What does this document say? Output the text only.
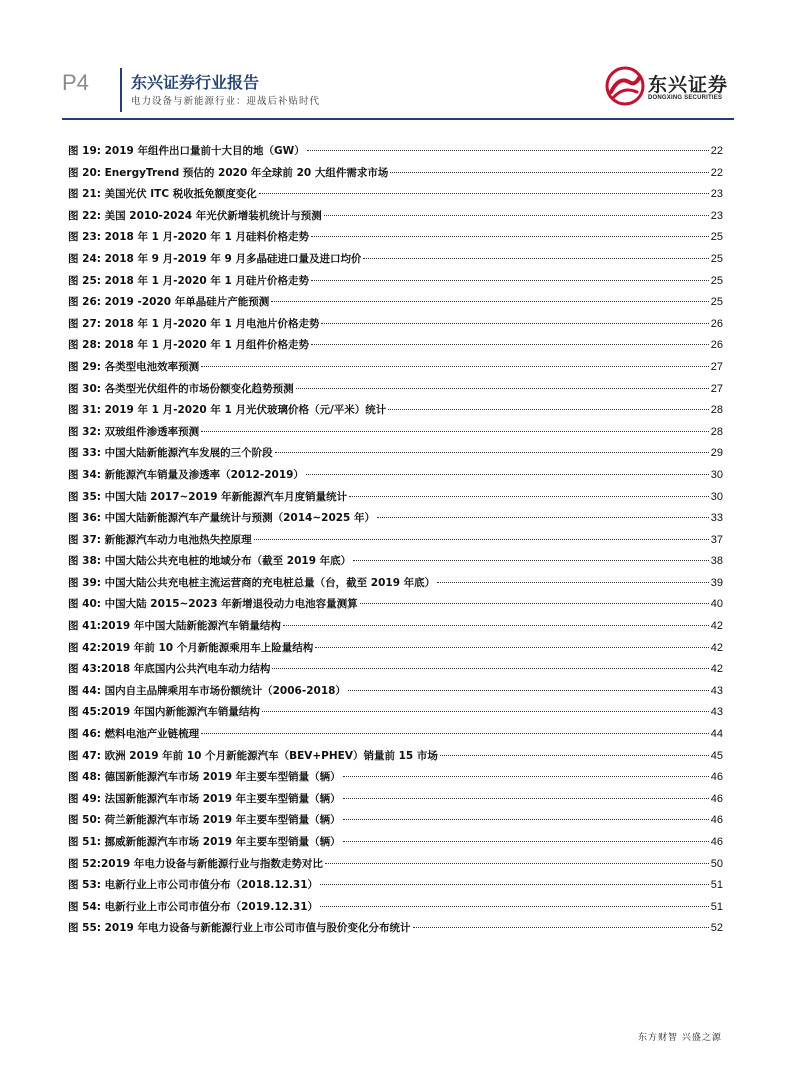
P4	东兴证券行业报告
电力设备与新能源行业：迎战后补贴时代
东兴证券
DONGXING SECURITIES
图 19: 2019 年组件出口量前十大目的地（GW）	22
图 20: EnergyTrend 预估的 2020 年全球前 20 大组件需求市场	22
图 21: 美国光伏 ITC 税收抵免额度变化	23
图 22: 美国 2010-2024 年光伏新增装机统计与预测	23
图 23: 2018 年 1 月-2020 年 1 月硅料价格走势	25
图 24: 2018 年 9 月-2019 年 9 月多晶硅进口量及进口均价	25
图 25: 2018 年 1 月-2020 年 1 月硅片价格走势	25
图 26: 2019 -2020 年单晶硅片产能预测	25
图 27: 2018 年 1 月-2020 年 1 月电池片价格走势	26
图 28: 2018 年 1 月-2020 年 1 月组件价格走势	26
图 29: 各类型电池效率预测	27
图 30: 各类型光伏组件的市场份额变化趋势预测	27
图 31: 2019 年 1 月-2020 年 1 月光伏玻璃价格（元/平米）统计	28
图 32: 双玻组件渗透率预测	28
图 33: 中国大陆新能源汽车发展的三个阶段	29
图 34: 新能源汽车销量及渗透率（2012-2019）	30
图 35: 中国大陆 2017~2019 年新能源汽车月度销量统计	30
图 36: 中国大陆新能源汽车产量统计与预测（2014~2025 年）	33
图 37: 新能源汽车动力电池热失控原理	37
图 38: 中国大陆公共充电桩的地域分布（截至 2019 年底）	38
图 39: 中国大陆公共充电桩主流运营商的充电桩总量（台，截至 2019 年底）	39
图 40: 中国大陆 2015~2023 年新增退役动力电池容量测算	40
图 41:2019 年中国大陆新能源汽车销量结构	42
图 42:2019 年前 10 个月新能源乘用车上险量结构	42
图 43:2018 年底国内公共汽电车动力结构	42
图 44: 国内自主品牌乘用车市场份额统计（2006-2018）	43
图 45:2019 年国内新能源汽车销量结构	43
图 46: 燃料电池产业链梳理	44
图 47: 欧洲 2019 年前 10 个月新能源汽车（BEV+PHEV）销量前 15 市场	45
图 48: 德国新能源汽车市场 2019 年主要车型销量（辆）	46
图 49: 法国新能源汽车市场 2019 年主要车型销量（辆）	46
图 50: 荷兰新能源汽车市场 2019 年主要车型销量（辆）	46
图 51: 挪威新能源汽车市场 2019 年主要车型销量（辆）	46
图 52:2019 年电力设备与新能源行业与指数走势对比	50
图 53: 电新行业上市公司市值分布（2018.12.31）	51
图 54: 电新行业上市公司市值分布（2019.12.31）	51
图 55: 2019 年电力设备与新能源行业上市公司市值与股价变化分布统计	52
东方财智 兴盛之源
